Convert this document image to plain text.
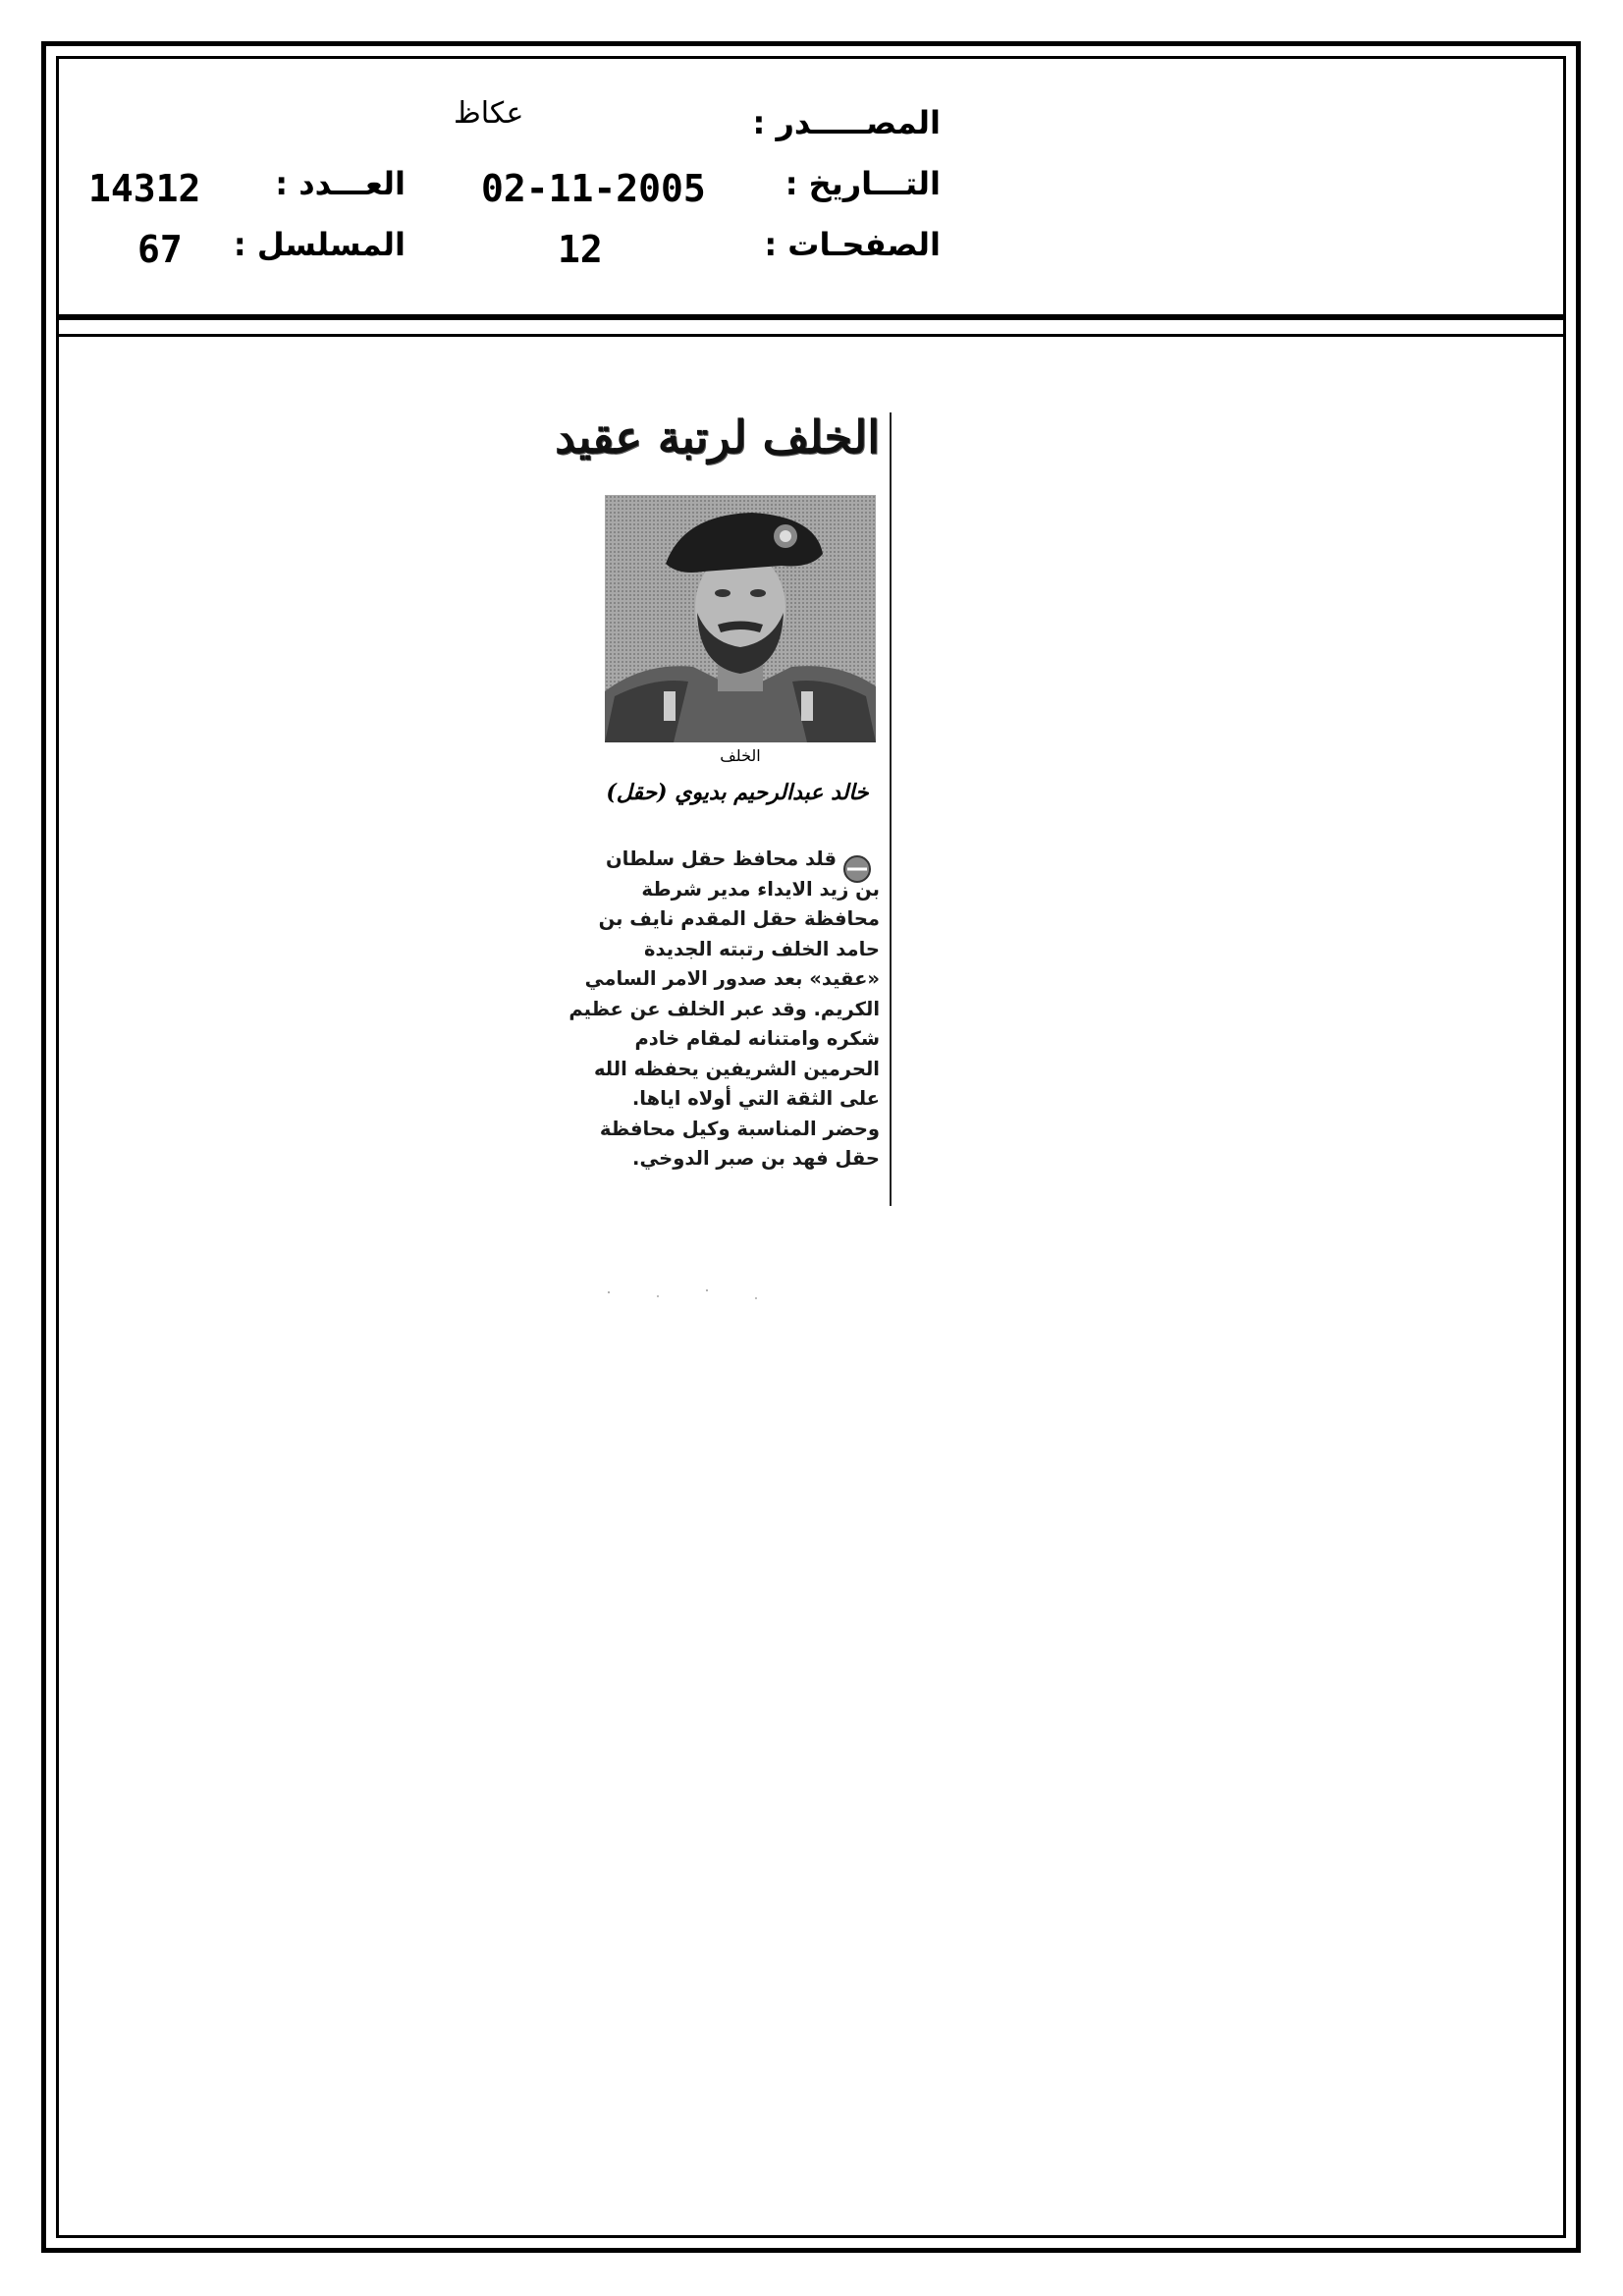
المصـــــدر :
عكاظ
التـــاريخ :
02-11-2005
العـــدد :
14312
الصفحـات :
12
المسلسل :
67
الخلف لرتبة عقيد
الخلف
خالد عبدالرحيم بديوي (حقل)
قلد محافظ حقل سلطان
بن زيد الايداء مدير شرطة
محافظة حقل المقدم نايف بن
حامد الخلف رتبته الجديدة
«عقيد» بعد صدور الامر السامي
الكريم. وقد عبر الخلف عن عظيم
شكره وامتنانه لمقام خادم
الحرمين الشريفين يحفظه الله
على الثقة التي أولاه اياها.
وحضر المناسبة وكيل محافظة
حقل فهد بن صبر الدوخي.
